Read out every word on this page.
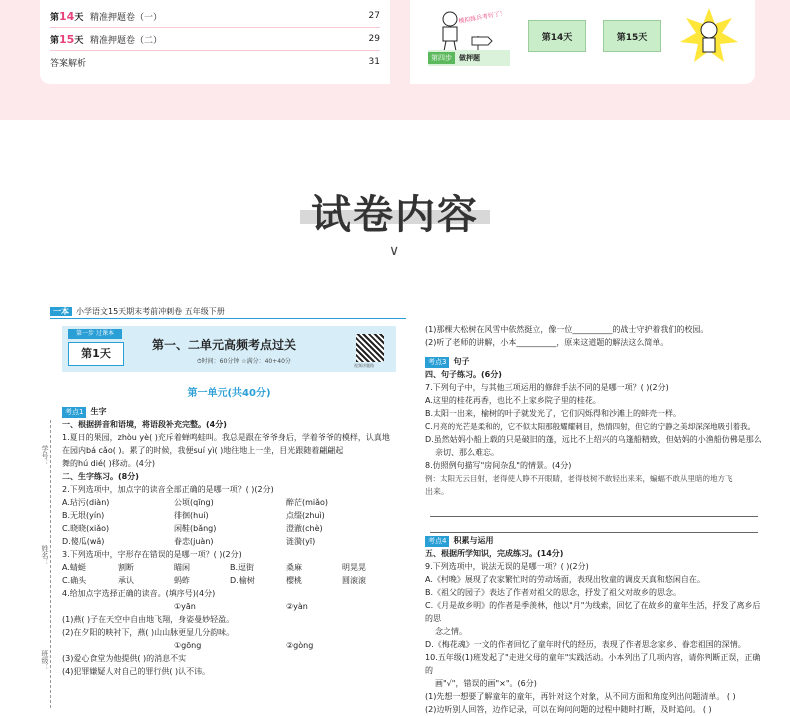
第14天 精准押题卷（一）	27
第15天 精准押题卷（二）	29
答案解析	31
模拟练兵考好了！
第四步	做押题
第14天	第15天
试卷内容
∨
一本 小学语文15天期末考前冲刺卷 五年级下册
第一步 过课本
第1天
第一、二单元高频考点过关
⏱时间：60分钟 ☆满分：40+40分
视频讲题路
第一单元(共40分)
学号：
姓名：
班级：
考点1 生字
一、根据拼音和语境，将语段补充完整。(4分)
1.夏日的果园，zhòu yè( )充斥着蝉鸣蛙叫。我总是跟在爷爷身后，学着爷爷的模样，认真地
在园内bá cǎo( )。累了的时候，我便suí yì( )地往地上一坐，目光跟随着翩翩起
舞的hú dié( )移动。(4分)
二、生字练习。(8分)
2.下列选项中，加点字的读音全部正确的是哪一项？( )(2分)
A.玷污(diàn)	公顷(qīng)	醉茫(miǎo)
B.无垠(yín)	徘徊(huí)	点缀(zhuì)
C.晓晓(xiǎo)	闲鞋(bǎng)	澄澈(chè)
D.傻瓜(wǎ)	眷恋(juàn)	涟漪(yī)
3.下列选项中，字形存在错误的是哪一项？( )(2分)
A.蜻蜓	割断	瞄闲	B.逗街	桑麻	明晃晃
C.确头	承认	蚂蚱	D.榆树	樱桃	圆滚滚
4.给加点字选择正确的读音。(填序号)(4分)
①yān	②yàn
(1)燕( )子在天空中自由地飞翔，身姿曼妙轻盈。
(2)在夕阳的映衬下，燕( )山山脉更显几分韵味。
①gōng	②gòng
(3)爱心食堂为他提供( )的消息不实
(4)犯罪嫌疑人对自己的罪行供( )认不讳。
(1)那棵大松树在风雪中依然挺立，像一位__________的战士守护着我们的校园。
(2)听了老师的讲解，小本__________，原来这道题的解法这么简单。
考点3 句子
四、句子练习。(6分)
7.下列句子中，与其他三项运用的修辞手法不同的是哪一项？( )(2分)
A.这里的桂花再香，也比不上家乡院子里的桂花。
B.太阳一出来，榆树的叶子就发光了，它们闪烁得和沙滩上的蚌壳一样。
C.月亮的光芒是柔和的，它不似太阳那般耀耀刺目，热情四射，但它的宁静之美却深深地吸引着我。
D.虽然姑妈小船上载的只是破旧的蓬，远比不上绍兴的乌篷船精致，但姑妈的小渔船仿佛是那么
亲切、那么难忘。
8.仿照例句描写"房间杂乱"的情景。(4分)
例：太阳无云目射，老得使人睁不开眼睛，老得枝树不敢轻出来来，蝙蝠不敢从里暗的地方飞
出来。
考点4 积累与运用
五、根据所学知识，完成练习。(14分)
9.下列选项中，说法无误的是哪一项？( )(2分)
A.《村晚》展现了农家繁忙时的劳动场面，表现出牧童的调皮天真和悠闲自在。
B.《祖父的园子》表达了作者对祖父的思念，抒发了祖父对故乡的思念。
C.《月是故乡明》的作者是季羡林，他以"月"为线索，回忆了在故乡的童年生活，抒发了离乡后的思
念之情。
D.《梅花魂》一文的作者回忆了童年时代的经历，表现了作者思念家乡、眷恋祖国的深情。
10.五年级(1)班发起了"走进父母的童年"实践活动。小本列出了几项内容，请你判断正误，正确的
画"√"，错误的画"×"。(6分)
(1)先想一想要了解童年的童年，再针对这个对象，从不同方面和角度列出问题清单。 ( )
(2)边听别人回答，边作记录，可以在询问问题的过程中随时打断，及时追问。 ( )
